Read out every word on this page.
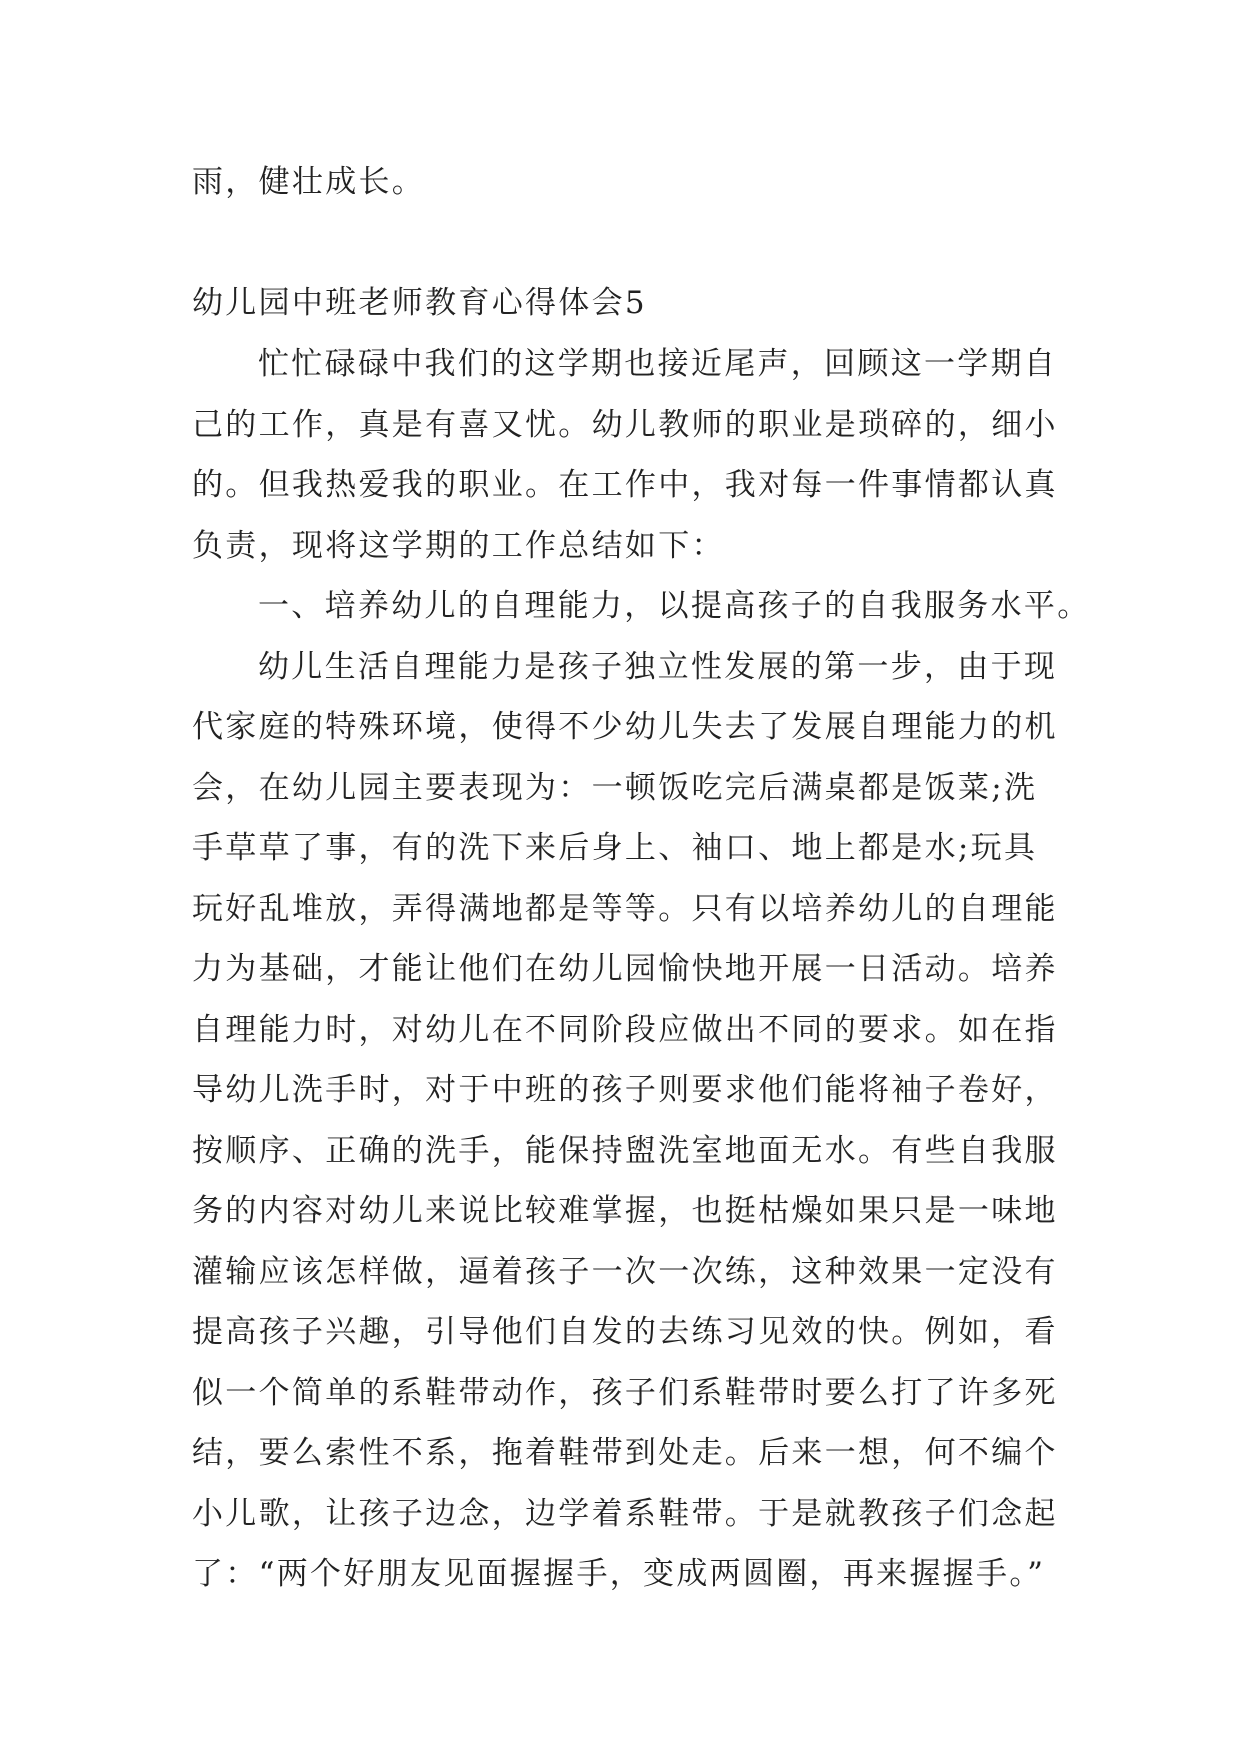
雨，健壮成长。
幼儿园中班老师教育心得体会5
忙忙碌碌中我们的这学期也接近尾声，回顾这一学期自
己的工作，真是有喜又忧。幼儿教师的职业是琐碎的，细小
的。但我热爱我的职业。在工作中，我对每一件事情都认真
负责，现将这学期的工作总结如下：
一、培养幼儿的自理能力，以提高孩子的自我服务水平。
幼儿生活自理能力是孩子独立性发展的第一步，由于现
代家庭的特殊环境，使得不少幼儿失去了发展自理能力的机
会，在幼儿园主要表现为：一顿饭吃完后满桌都是饭菜;洗
手草草了事，有的洗下来后身上、袖口、地上都是水;玩具
玩好乱堆放，弄得满地都是等等。只有以培养幼儿的自理能
力为基础，才能让他们在幼儿园愉快地开展一日活动。培养
自理能力时，对幼儿在不同阶段应做出不同的要求。如在指
导幼儿洗手时，对于中班的孩子则要求他们能将袖子卷好，
按顺序、正确的洗手，能保持盥洗室地面无水。有些自我服
务的内容对幼儿来说比较难掌握，也挺枯燥如果只是一味地
灌输应该怎样做，逼着孩子一次一次练，这种效果一定没有
提高孩子兴趣，引导他们自发的去练习见效的快。例如，看
似一个简单的系鞋带动作，孩子们系鞋带时要么打了许多死
结，要么索性不系，拖着鞋带到处走。后来一想，何不编个
小儿歌，让孩子边念，边学着系鞋带。于是就教孩子们念起
了：“两个好朋友见面握握手，变成两圆圈，再来握握手。”
